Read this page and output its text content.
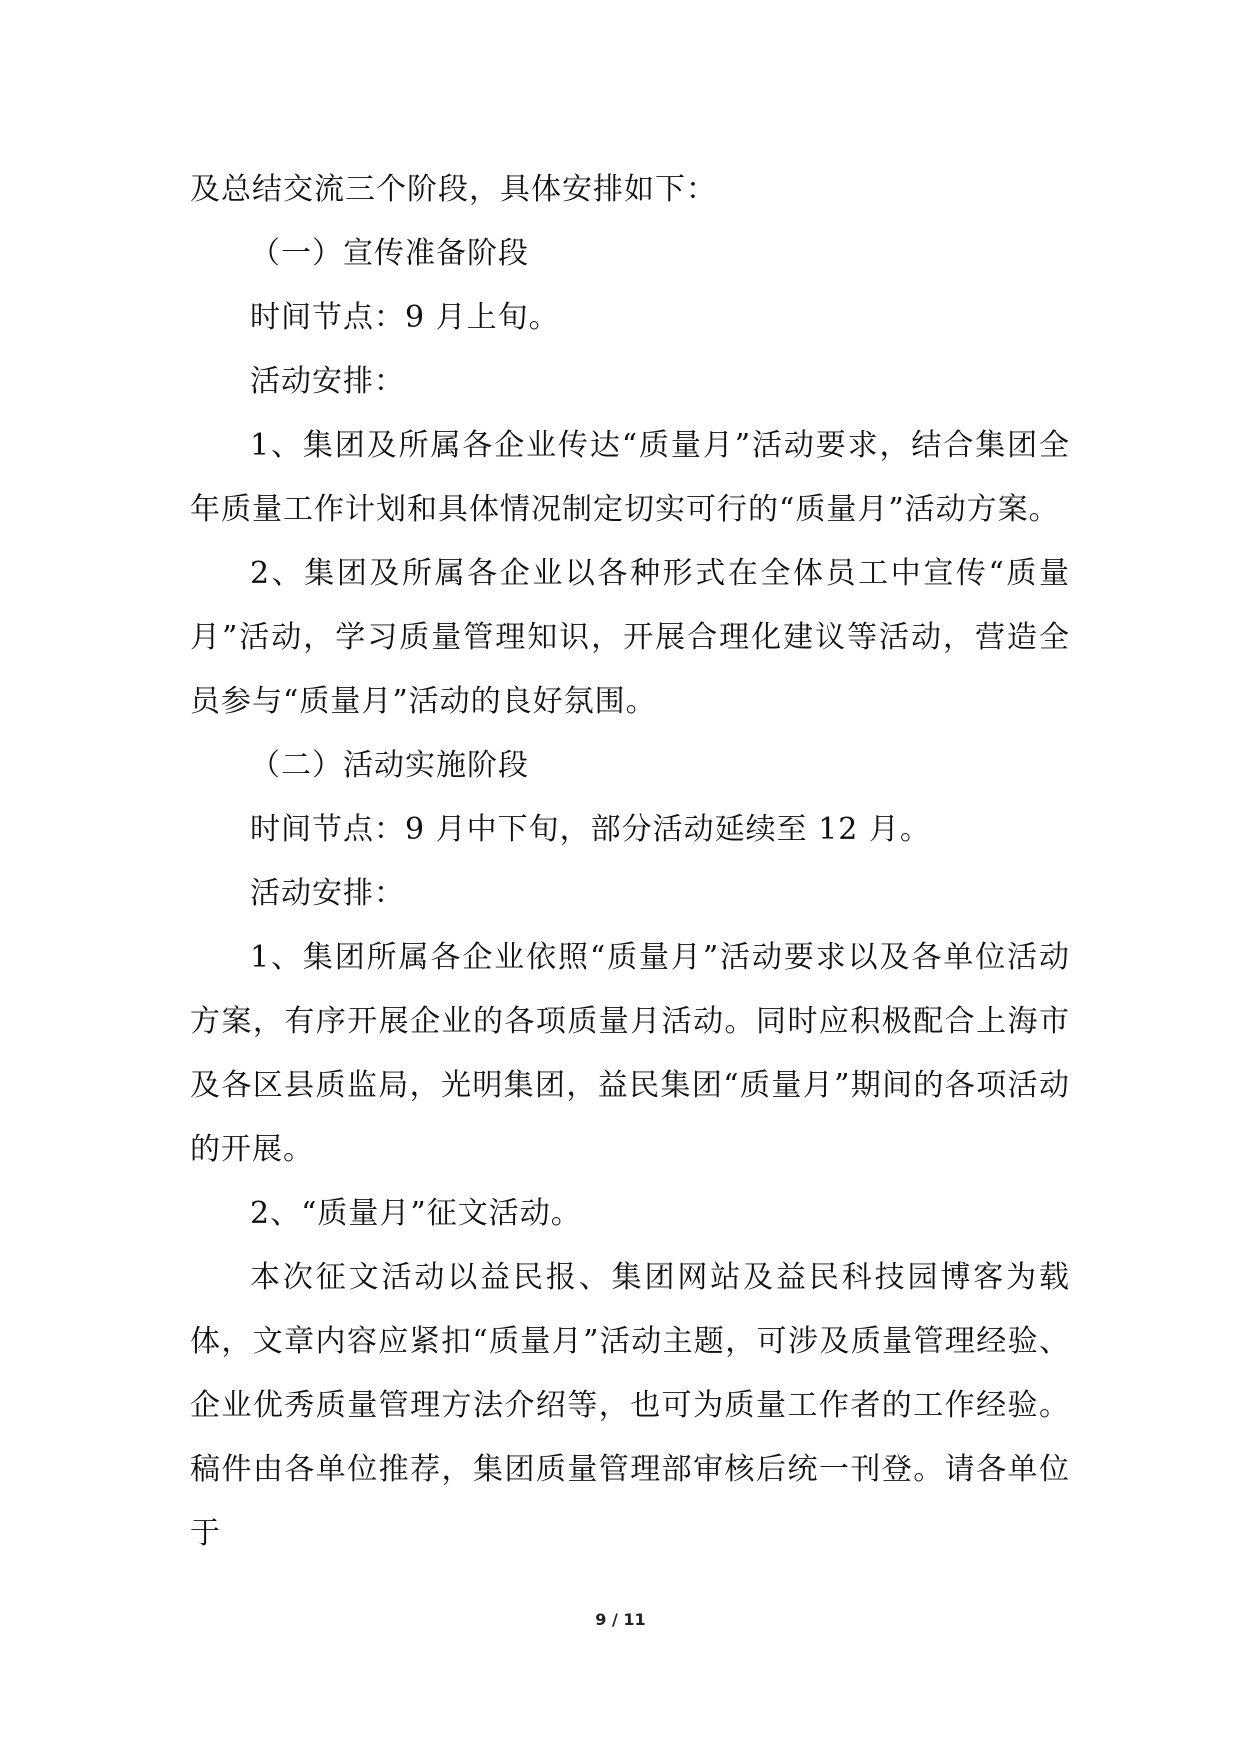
及总结交流三个阶段，具体安排如下：

（一）宣传准备阶段

时间节点：9 月上旬。

活动安排：

1、集团及所属各企业传达“质量月”活动要求，结合集团全年质量工作计划和具体情况制定切实可行的“质量月”活动方案。

2、集团及所属各企业以各种形式在全体员工中宣传“质量月”活动，学习质量管理知识，开展合理化建议等活动，营造全员参与“质量月”活动的良好氛围。

（二）活动实施阶段

时间节点：9 月中下旬，部分活动延续至 12 月。

活动安排：

1、集团所属各企业依照“质量月”活动要求以及各单位活动方案，有序开展企业的各项质量月活动。同时应积极配合上海市及各区县质监局，光明集团，益民集团“质量月”期间的各项活动的开展。

2、“质量月”征文活动。

本次征文活动以益民报、集团网站及益民科技园博客为载体，文章内容应紧扣“质量月”活动主题，可涉及质量管理经验、企业优秀质量管理方法介绍等，也可为质量工作者的工作经验。稿件由各单位推荐，集团质量管理部审核后统一刊登。请各单位于

9 / 11
